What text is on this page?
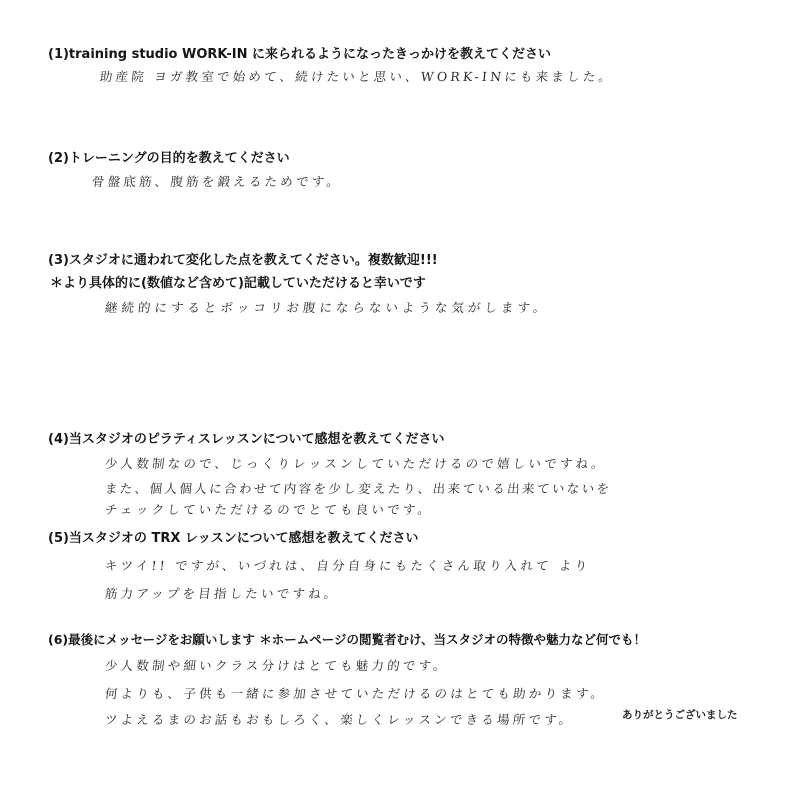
(1)training studio WORK-IN に来られるようになったきっかけを教えてください
助産院 ヨガ教室で始めて、続けたいと思い、WORK-INにも来ました。
(2)トレーニングの目的を教えてください
骨盤底筋、腹筋を鍛えるためです。
(3)スタジオに通われて変化した点を教えてください。複数歓迎!!!
＊より具体的に(数値など含めて)記載していただけると幸いです
継続的にするとポッコリお腹にならないような気がします。
(4)当スタジオのピラティスレッスンについて感想を教えてください
少人数制なので、じっくりレッスンしていただけるので嬉しいですね。
また、個人個人に合わせて内容を少し変えたり、出来ている出来ていないを
チェックしていただけるのでとても良いです。
(5)当スタジオの TRX レッスンについて感想を教えてください
キツイ!! ですが、いづれは、自分自身にもたくさん取り入れて より
筋力アップを目指したいですね。
(6)最後にメッセージをお願いします ＊ホームページの閲覧者むけ、当スタジオの特徴や魅力など何でも！
少人数制や細いクラス分けはとても魅力的です。
何よりも、子供も一緒に参加させていただけるのはとても助かります。
ツよえるまのお話もおもしろく、楽しくレッスンできる場所です。	ありがとうございました
